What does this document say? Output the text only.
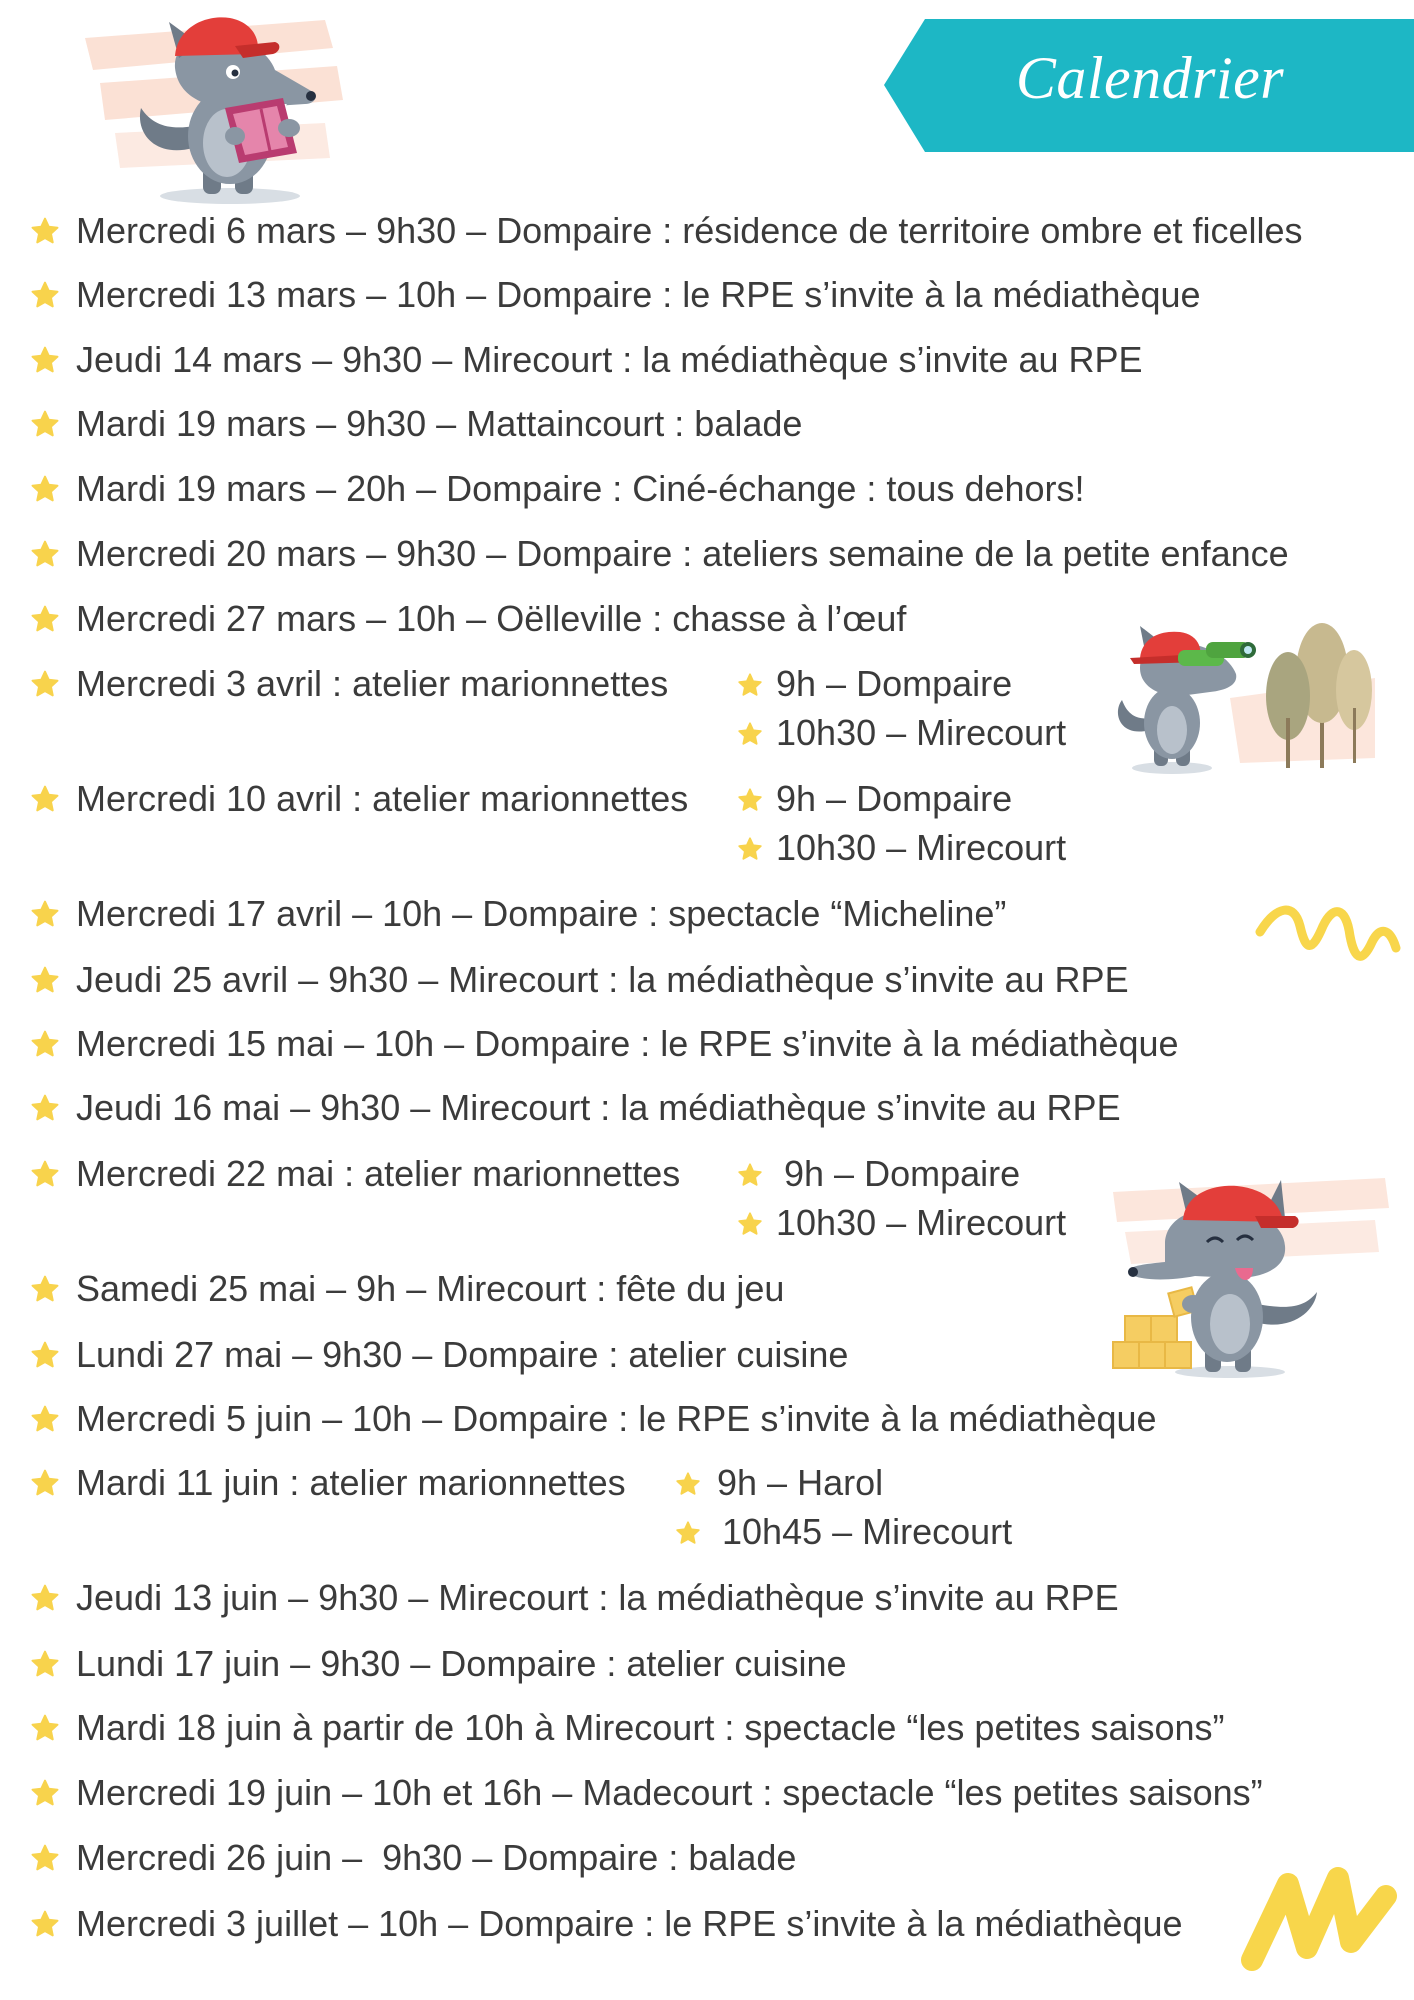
Calendrier
Mercredi 6 mars – 9h30 – Dompaire : résidence de territoire ombre et ficelles
Mercredi 13 mars – 10h – Dompaire : le RPE s’invite à la médiathèque
Jeudi 14 mars – 9h30 – Mirecourt : la médiathèque s’invite au RPE
Mardi 19 mars – 9h30 – Mattaincourt : balade
Mardi 19 mars – 20h – Dompaire : Ciné-échange : tous dehors!
Mercredi 20 mars – 9h30 – Dompaire : ateliers semaine de la petite enfance
Mercredi 27 mars – 10h – Oëlleville : chasse à l’œuf
Mercredi 3 avril : atelier marionnettes	9h – Dompaire
10h30 – Mirecourt
Mercredi 10 avril : atelier marionnettes 9h – Dompaire
10h30 – Mirecourt
Mercredi 17 avril – 10h – Dompaire : spectacle “Micheline”
Jeudi 25 avril – 9h30 – Mirecourt : la médiathèque s’invite au RPE
Mercredi 15 mai – 10h – Dompaire : le RPE s’invite à la médiathèque
Jeudi 16 mai – 9h30 – Mirecourt : la médiathèque s’invite au RPE
Mercredi 22 mai : atelier marionnettes	9h – Dompaire
10h30 – Mirecourt
Samedi 25 mai – 9h – Mirecourt : fête du jeu
Lundi 27 mai – 9h30 – Dompaire : atelier cuisine
Mercredi 5 juin – 10h – Dompaire : le RPE s’invite à la médiathèque
Mardi 11 juin : atelier marionnettes	9h – Harol
10h45 – Mirecourt
Jeudi 13 juin – 9h30 – Mirecourt : la médiathèque s’invite au RPE
Lundi 17 juin – 9h30 – Dompaire : atelier cuisine
Mardi 18 juin à partir de 10h à Mirecourt : spectacle “les petites saisons”
Mercredi 19 juin – 10h et 16h – Madecourt : spectacle “les petites saisons”
Mercredi 26 juin –  9h30 – Dompaire : balade
Mercredi 3 juillet – 10h – Dompaire : le RPE s’invite à la médiathèque
